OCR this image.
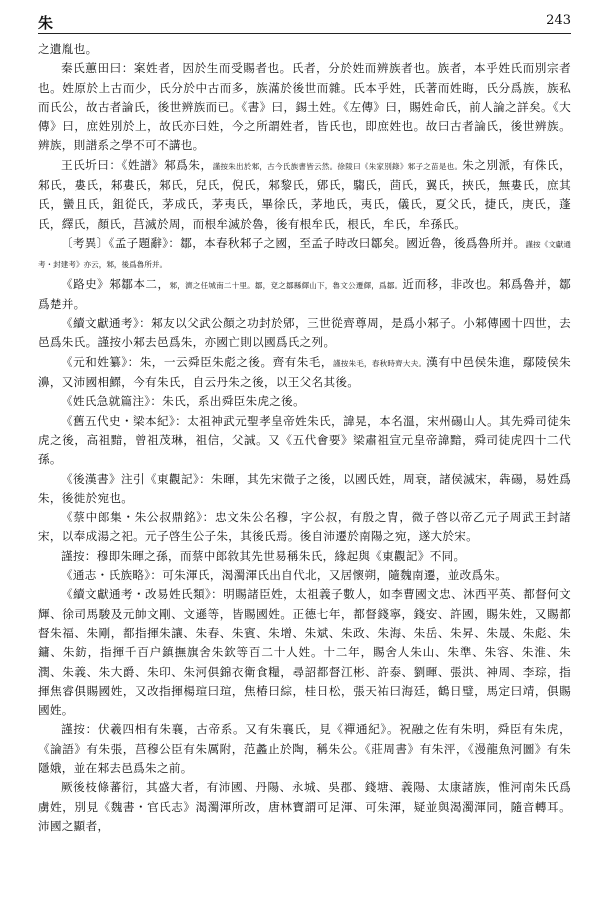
朱	243

之遺胤也。

秦氏蕙田曰：案姓者，因於生而受賜者也。氏者，分於姓而辨族者也。族者，本乎姓氏而別宗者也。姓原於上古而少，氏分於中古而多，族滿於後世而雜。氏本乎姓，氏著而姓晦，氏分爲族，族私而氏公，故古者論氏，後世辨族而已。《書》曰，錫土姓。《左傳》曰，賜姓命氏，前人論之詳矣。《大傳》曰，庶姓別於上，故氏亦曰姓，今之所謂姓者，皆氏也，即庶姓也。故曰古者論氏，後世辨族。辨族，則譜系之學不可不講也。

王氏圻曰：《姓譜》邾爲朱，謹按朱出於邾，古今氏族書皆云然。徐陵曰《朱家別錄》邾子之苗是也。朱之別派，有侏氏，邾氏，婁氏，邾婁氏，邾氏，兒氏，倪氏，邾黎氏，郳氏，騶氏，茴氏，翼氏，挾氏，無婁氏，庶其氏，蠻且氏，鉏從氏，茅成氏，茅夷氏，畢徐氏，茅地氏，夷氏，儀氏，夏父氏，捷氏，庚氏，蓬氏，繹氏，顏氏，莒滅於周，而根牟滅於魯，後有根牟氏，根氏，牟氏，牟孫氏。

〔考異〕《孟子題辭》：鄒，本春秋邾子之國，至孟子時改曰鄒矣。國近魯，後爲魯所并。謹按《文獻通考・封建考》亦云，邾，後爲魯所并。

《路史》邾鄒本二，邾，濟之任城南二十里。鄒，兗之鄒縣繹山下，魯文公遷繹，爲鄒。近而移，非改也。邾爲魯并，鄒爲楚并。

《續文獻通考》：邾友以父武公顏之功封於郳，三世從齊尊周，是爲小邾子。小邾傳國十四世，去邑爲朱氏。謹按小邾去邑爲朱，亦國亡則以國爲氏之列。

《元和姓纂》：朱，一云舜臣朱彪之後。齊有朱毛，謹按朱毛，春秋時齊大夫。漢有中邑侯朱進，鄢陵侯朱濞，又沛國相鰥，今有朱氏，自云丹朱之後，以王父名其後。

《姓氏急就篇注》：朱氏，系出舜臣朱虎之後。

《舊五代史・梁本紀》：太祖神武元聖孝皇帝姓朱氏，諱晃，本名溫，宋州碭山人。其先舜司徒朱虎之後，高祖黯，曾祖茂琳，祖信，父誠。又《五代會要》梁肅祖宣元皇帝諱黯，舜司徒虎四十二代孫。

《後漢書》注引《東觀記》：朱暉，其先宋微子之後，以國氏姓，周衰，諸侯滅宋，犇碭，易姓爲朱，後徙於宛也。

《蔡中郎集・朱公叔鼎銘》：忠文朱公名穆，字公叔，有殷之冑，微子啓以帝乙元子周武王封諸宋，以奉成湯之祀。元子啓生公子朱，其後氏焉。後自沛遷於南陽之宛，遂大於宋。

謹按：穆即朱暉之孫，而蔡中郎敘其先世易稱朱氏，緣起與《東觀記》不同。

《通志・氏族略》：可朱渾氏，渴濁渾氏出自代北，又居懷朔，隨魏南遷，並改爲朱。

《續文獻通考・改易姓氏類》：明賜諸臣姓，太祖義子數人，如李曹國文忠、沐西平英、都督何文輝、徐司馬駿及元帥文剛、文遜等，皆賜國姓。正德七年，都督錢寧，錢安、許國，賜朱姓，又賜都督朱福、朱剛，都指揮朱讓、朱春、朱賓、朱增、朱斌、朱政、朱海、朱岳、朱昇、朱晟、朱彪、朱鏞、朱鈁，指揮千百户鎮撫旗舍朱欽等百二十人姓。十二年，賜舍人朱山、朱準、朱容、朱淮、朱潤、朱義、朱大爵、朱印、朱河俱錦衣衛食糧，尋詔都督江彬、許泰、劉暉、張洪、神周、李琮，指揮焦睿俱賜國姓，又改指揮楊瑄曰瑄，焦椿曰綜，桂日松，張天祐曰海廷，鶴日璧，馬定曰靖，俱賜國姓。

謹按：伏羲四相有朱襄，古帝系。又有朱襄氏，見《禪通紀》。祝融之佐有朱明，舜臣有朱虎，《論語》有朱張，莒穆公臣有朱厲附，范蠡止於陶，稱朱公。《莊周書》有朱泙，《漫龍魚河圖》有朱隱娥，並在邾去邑爲朱之前。

厥後枝條蕃衍，其盛大者，有沛國、丹陽、永城、吳郡、錢塘、義陽、太康諸族，惟河南朱氏爲虜姓，別見《魏書・官氏志》渴濁渾所改，唐林寶謂可足渾、可朱渾，疑並與渴濁渾同，隨音轉耳。沛國之顯者，
